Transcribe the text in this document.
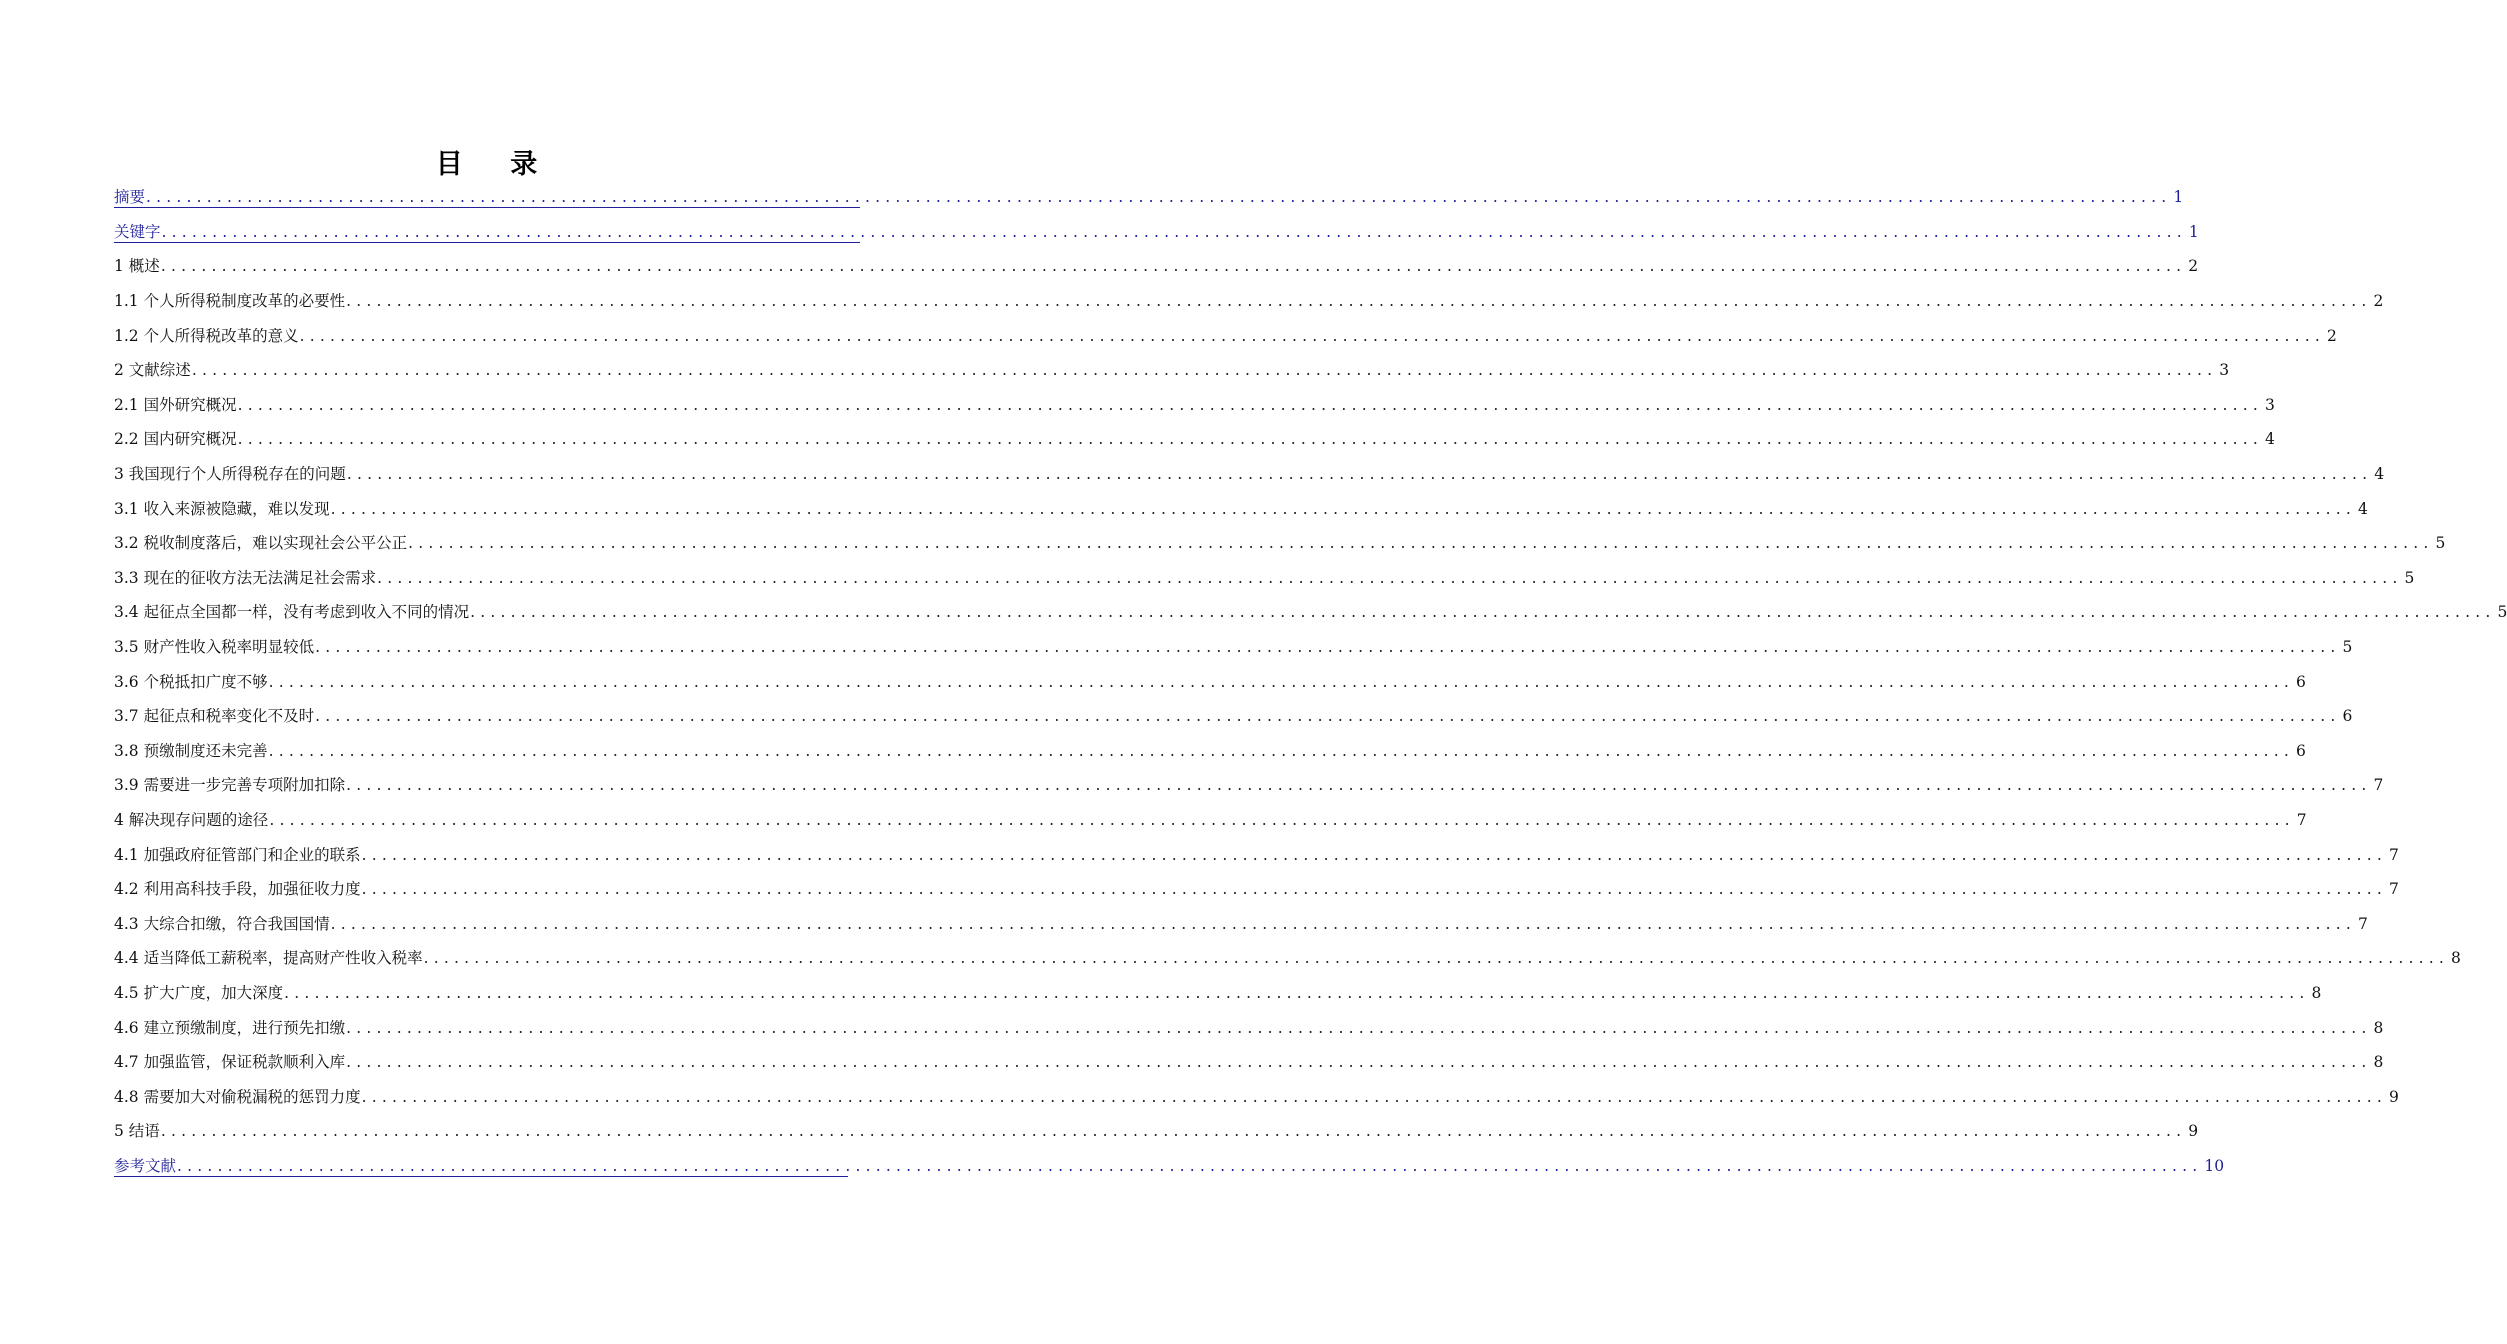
目    录
摘要 ........................................................................................................................................................................................................ 1
关键字 ........................................................................................................................................................................................................ 1
1 概述 ........................................................................................................................................................................................................ 2
1.1 个人所得税制度改革的必要性 ........................................................................................................................................................................................................ 2
1.2 个人所得税改革的意义 ........................................................................................................................................................................................................ 2
2 文献综述 ........................................................................................................................................................................................................ 3
2.1 国外研究概况 ........................................................................................................................................................................................................ 3
2.2 国内研究概况 ........................................................................................................................................................................................................ 4
3 我国现行个人所得税存在的问题 ........................................................................................................................................................................................................ 4
3.1 收入来源被隐藏，难以发现 ........................................................................................................................................................................................................ 4
3.2 税收制度落后，难以实现社会公平公正 ........................................................................................................................................................................................................ 5
3.3 现在的征收方法无法满足社会需求 ........................................................................................................................................................................................................ 5
3.4 起征点全国都一样，没有考虑到收入不同的情况 ........................................................................................................................................................................................................ 5
3.5 财产性收入税率明显较低 ........................................................................................................................................................................................................ 5
3.6 个税抵扣广度不够 ........................................................................................................................................................................................................ 6
3.7 起征点和税率变化不及时 ........................................................................................................................................................................................................ 6
3.8 预缴制度还未完善 ........................................................................................................................................................................................................ 6
3.9 需要进一步完善专项附加扣除 ........................................................................................................................................................................................................ 7
4 解决现存问题的途径 ........................................................................................................................................................................................................ 7
4.1 加强政府征管部门和企业的联系 ........................................................................................................................................................................................................ 7
4.2 利用高科技手段，加强征收力度 ........................................................................................................................................................................................................ 7
4.3 大综合扣缴，符合我国国情 ........................................................................................................................................................................................................ 7
4.4 适当降低工薪税率，提高财产性收入税率 ........................................................................................................................................................................................................ 8
4.5 扩大广度，加大深度 ........................................................................................................................................................................................................ 8
4.6 建立预缴制度，进行预先扣缴 ........................................................................................................................................................................................................ 8
4.7 加强监管，保证税款顺利入库 ........................................................................................................................................................................................................ 8
4.8 需要加大对偷税漏税的惩罚力度 ........................................................................................................................................................................................................ 9
5 结语 ........................................................................................................................................................................................................ 9
参考文献 ........................................................................................................................................................................................................ 10
